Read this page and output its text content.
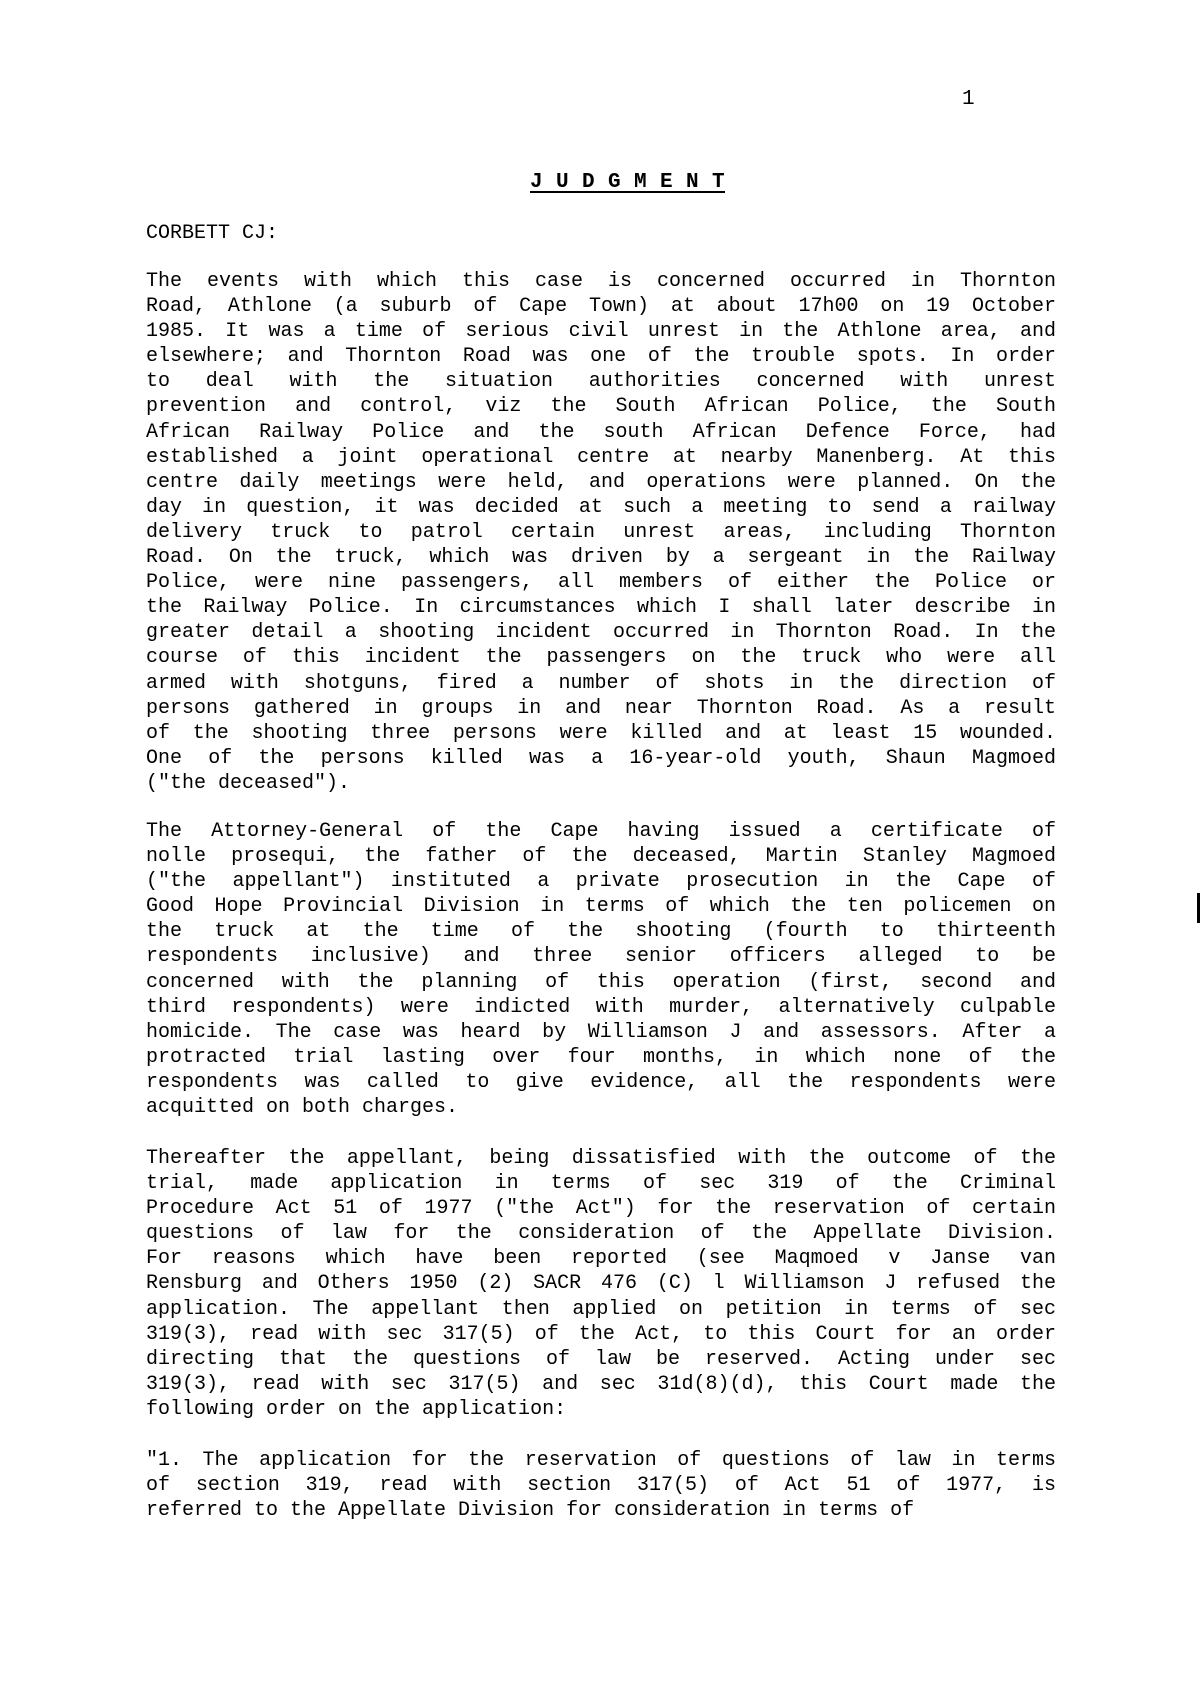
1
J U D G M E N T
CORBETT CJ:
The events with which this case is concerned occurred in Thornton
Road, Athlone (a suburb of Cape Town) at about 17h00 on 19 October
1985. It was a time of serious civil unrest in the Athlone area, and
elsewhere; and Thornton Road was one of the trouble spots. In order
to deal with the situation authorities concerned with unrest
prevention and control, viz the South African Police, the South
African Railway Police and the south African Defence Force, had
established a joint operational centre at nearby Manenberg. At this
centre daily meetings were held, and operations were planned. On the
day in question, it was decided at such a meeting to send a railway
delivery truck to patrol certain unrest areas, including Thornton
Road. On the truck, which was driven by a sergeant in the Railway
Police, were nine passengers, all members of either the Police or
the Railway Police. In circumstances which I shall later describe in
greater detail a shooting incident occurred in Thornton Road. In the
course of this incident the passengers on the truck who were all
armed with shotguns, fired a number of shots in the direction of
persons gathered in groups in and near Thornton Road. As a result
of the shooting three persons were killed and at least 15 wounded.
One of the persons killed was a 16-year-old youth, Shaun Magmoed
("the deceased").
The Attorney-General of the Cape having issued a certificate of
nolle prosequi, the father of the deceased, Martin Stanley Magmoed
("the appellant") instituted a private prosecution in the Cape of
Good Hope Provincial Division in terms of which the ten policemen on
the truck at the time of the shooting (fourth to thirteenth
respondents inclusive) and three senior officers alleged to be
concerned with the planning of this operation (first, second and
third respondents) were indicted with murder, alternatively culpable
homicide. The case was heard by Williamson J and assessors. After a
protracted trial lasting over four months, in which none of the
respondents was called to give evidence, all the respondents were
acquitted on both charges.
Thereafter the appellant, being dissatisfied with the outcome of the
trial, made application in terms of sec 319 of the Criminal
Procedure Act 51 of 1977 ("the Act") for the reservation of certain
questions of law for the consideration of the Appellate Division.
For reasons which have been reported (see Maqmoed v Janse van
Rensburg and Others 1950 (2) SACR 476 (C) l Williamson J refused the
application. The appellant then applied on petition in terms of sec
319(3), read with sec 317(5) of the Act, to this Court for an order
directing that the questions of law be reserved. Acting under sec
319(3), read with sec 317(5) and sec 31d(8)(d), this Court made the
following order on the application:
"1. The application for the reservation of questions of law in terms
of section 319, read with section 317(5) of Act 51 of 1977, is
referred to the Appellate Division for consideration in terms of
